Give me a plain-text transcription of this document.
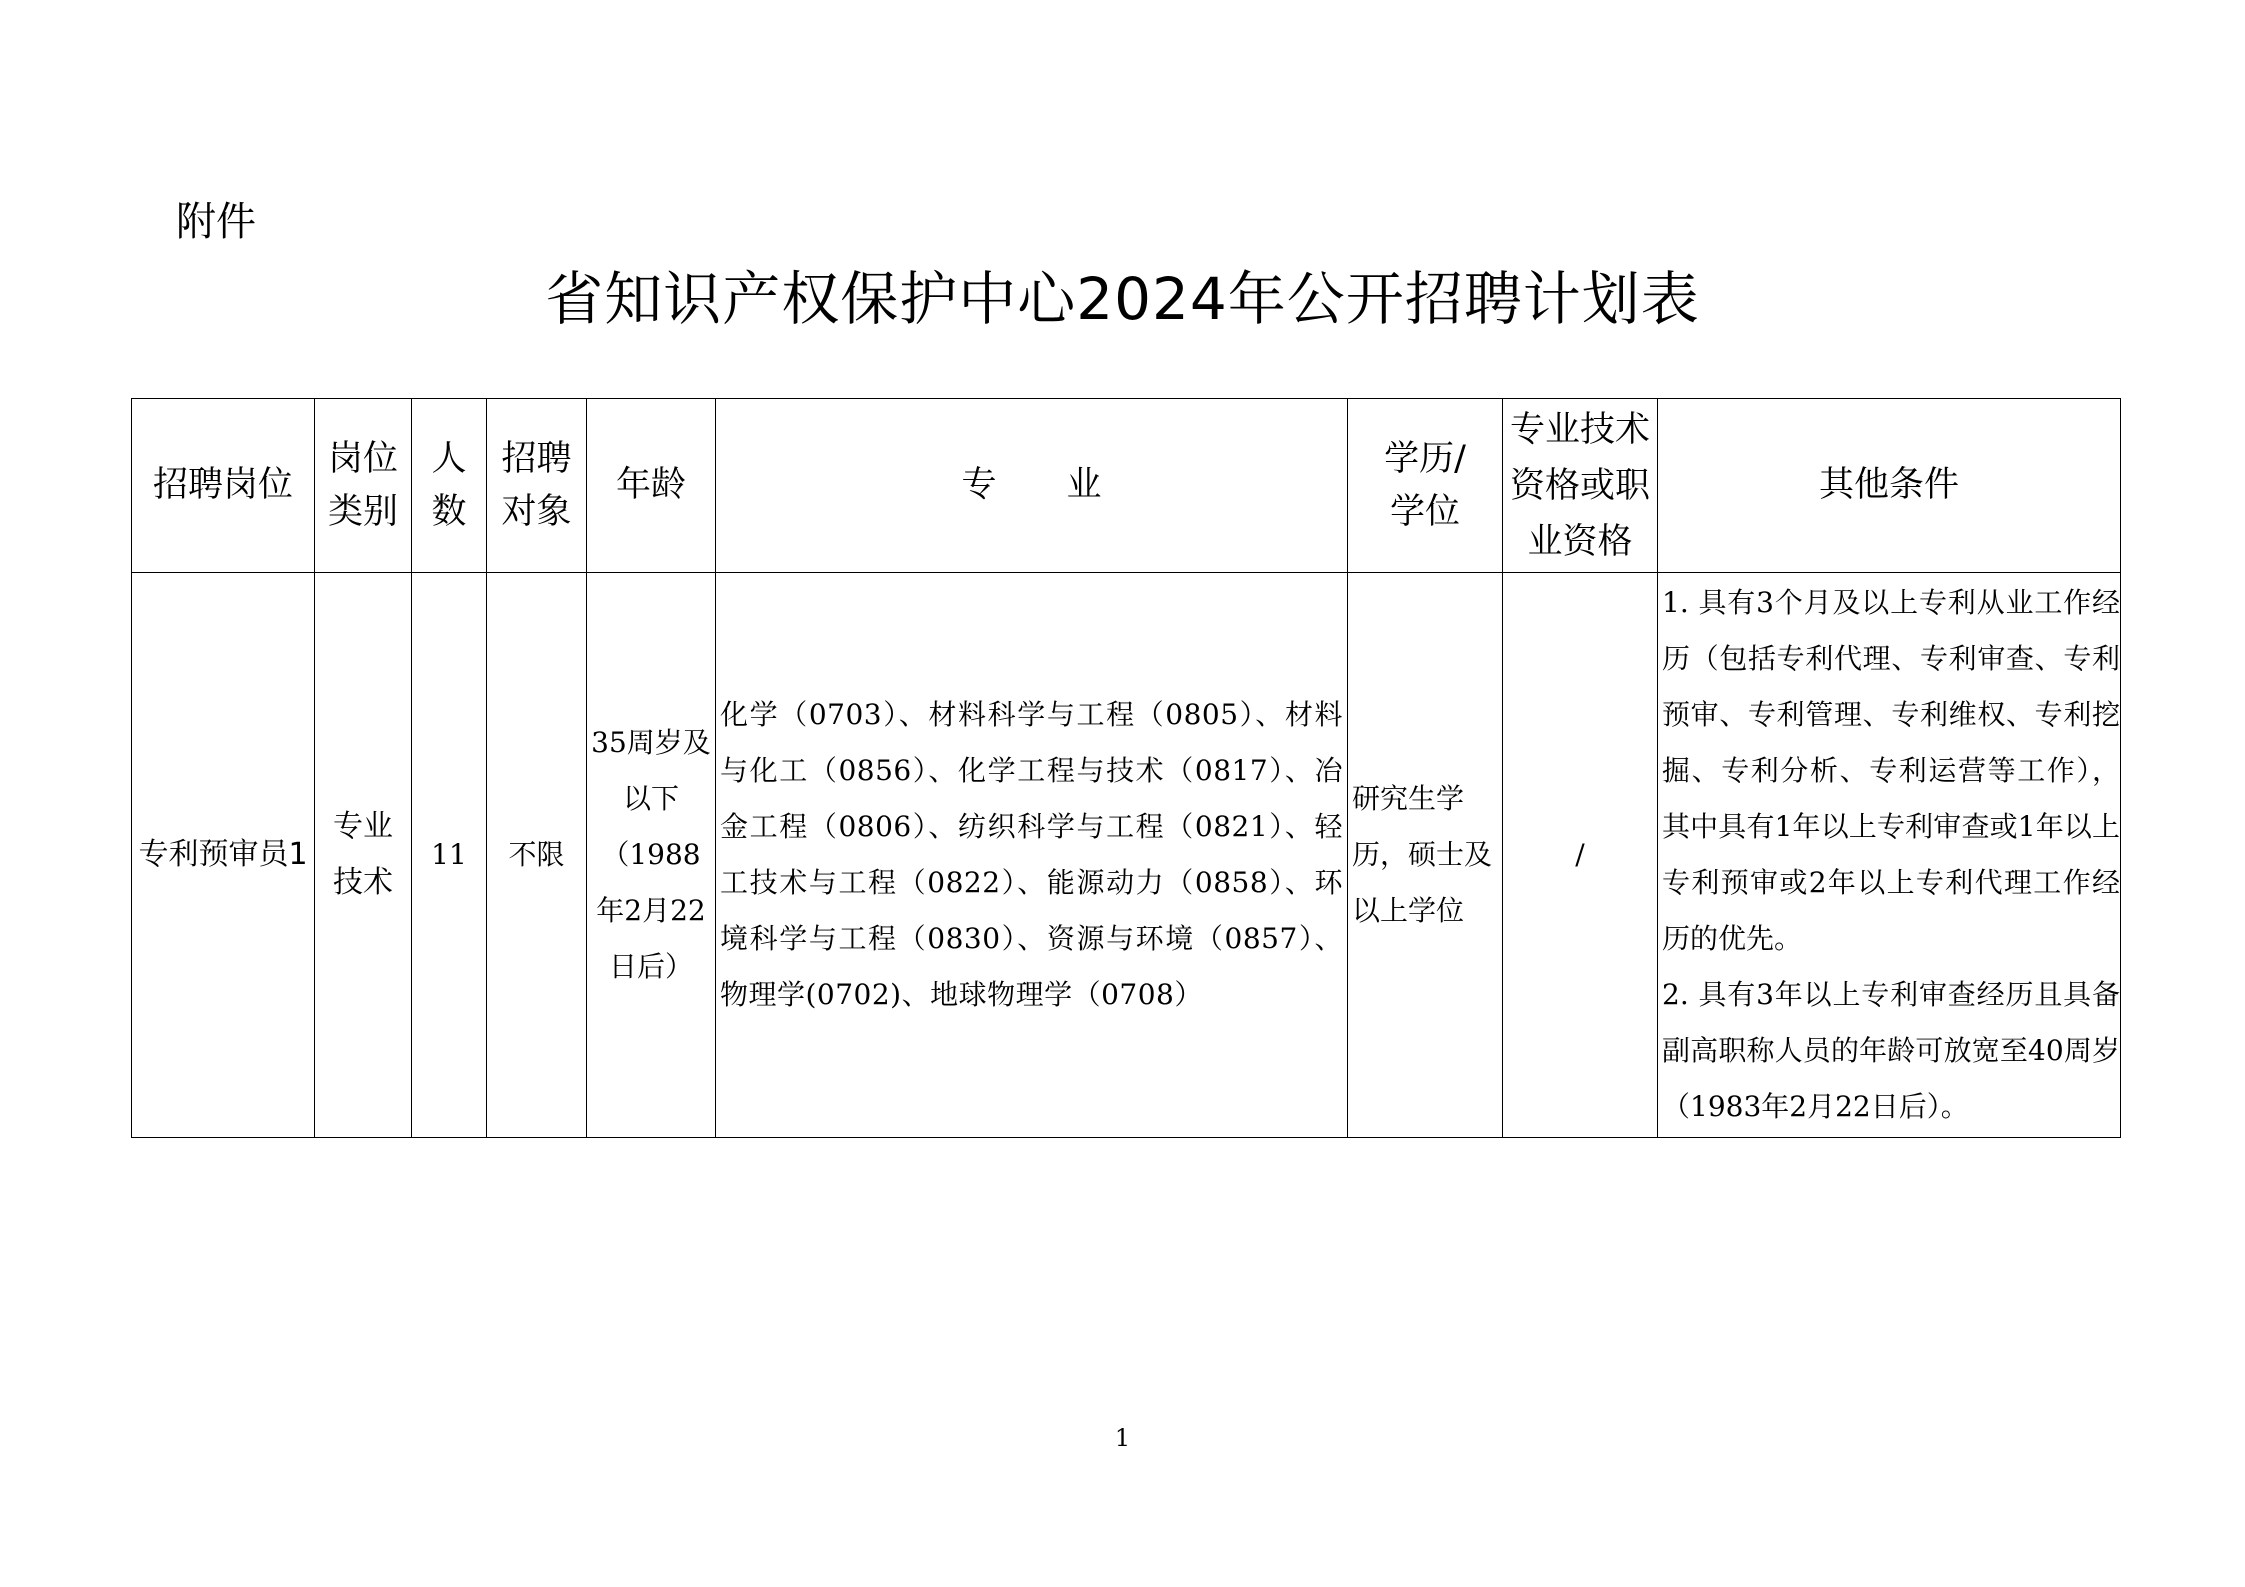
附件
省知识产权保护中心2024年公开招聘计划表
招聘岗位	岗位类别	人数	招聘对象	年龄	专　　业	学历/学位	专业技术资格或职业资格	其他条件
专利预审员1	专业技术	11	不限	35周岁及以下（1988年2月22日后）	化学（0703）、材料科学与工程（0805）、材料与化工（0856）、化学工程与技术（0817）、冶金工程（0806）、纺织科学与工程（0821）、轻工技术与工程（0822）、能源动力（0858）、环境科学与工程（0830）、资源与环境（0857）、物理学(0702)、地球物理学（0708）	研究生学历，硕士及以上学位	/	1. 具有3个月及以上专利从业工作经历（包括专利代理、专利审查、专利预审、专利管理、专利维权、专利挖掘、专利分析、专利运营等工作），其中具有1年以上专利审查或1年以上专利预审或2年以上专利代理工作经历的优先。
2. 具有3年以上专利审查经历且具备副高职称人员的年龄可放宽至40周岁（1983年2月22日后）。
1
